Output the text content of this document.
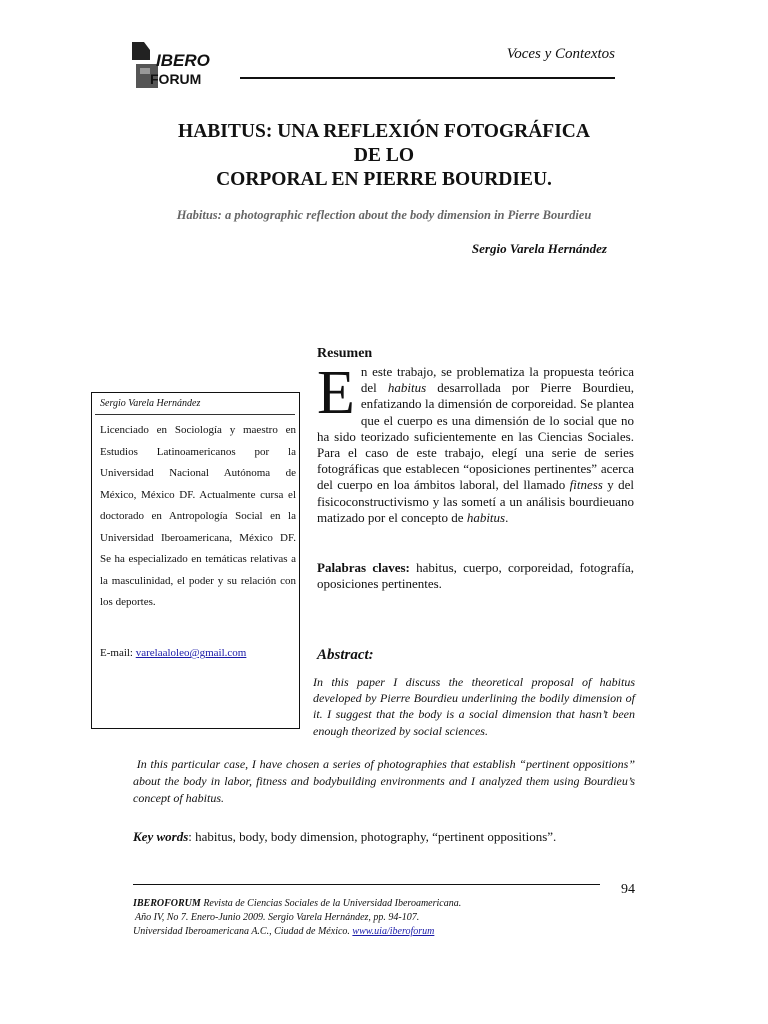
IBERO
FORUM
Voces y Contextos
HABITUS: UNA REFLEXIÓN FOTOGRÁFICA
DE LO
CORPORAL EN PIERRE BOURDIEU.
Habitus: a photographic reflection about the body dimension in Pierre Bourdieu
Sergio Varela Hernández
Sergio Varela Hernández
Licenciado en Sociología y maestro en Estudios Latinoamericanos por la Universidad Nacional Autónoma de México, México DF. Actualmente cursa el doctorado en Antropología Social en la Universidad Iberoamericana, México DF. Se ha especializado en temáticas relativas a la masculinidad, el poder y su relación con los deportes.
E-mail: varelaaloleo@gmail.com
Resumen
En este trabajo, se problematiza la propuesta teórica del habitus desarrollada por Pierre Bourdieu, enfatizando la dimensión de corporeidad. Se plantea que el cuerpo es una dimensión de lo social que no ha sido teorizado suficientemente en las Ciencias Sociales. Para el caso de este trabajo, elegí una serie de series fotográficas que establecen “oposiciones pertinentes” acerca del cuerpo en loa ámbitos laboral, del llamado fitness y del fisicoconstructivismo y las sometí a un análisis bourdieuano matizado por el concepto de habitus.
Palabras claves: habitus, cuerpo, corporeidad, fotografía, oposiciones pertinentes.
Abstract:
In this paper I discuss the theoretical proposal of habitus developed by Pierre Bourdieu underlining the bodily dimension of it. I suggest that the body is a social dimension that hasn’t been enough theorized by social sciences.
In this particular case, I have chosen a series of photographies that establish “pertinent oppositions” about the body in labor, fitness and bodybuilding environments and I analyzed them using Bourdieu’s concept of habitus.
Key words: habitus, body, body dimension, photography, “pertinent oppositions”.
94
IBEROFORUM Revista de Ciencias Sociales de la Universidad Iberoamericana.
Año IV, No 7. Enero-Junio 2009. Sergio Varela Hernández, pp. 94-107.
Universidad Iberoamericana A.C., Ciudad de México. www.uia/iberoforum
